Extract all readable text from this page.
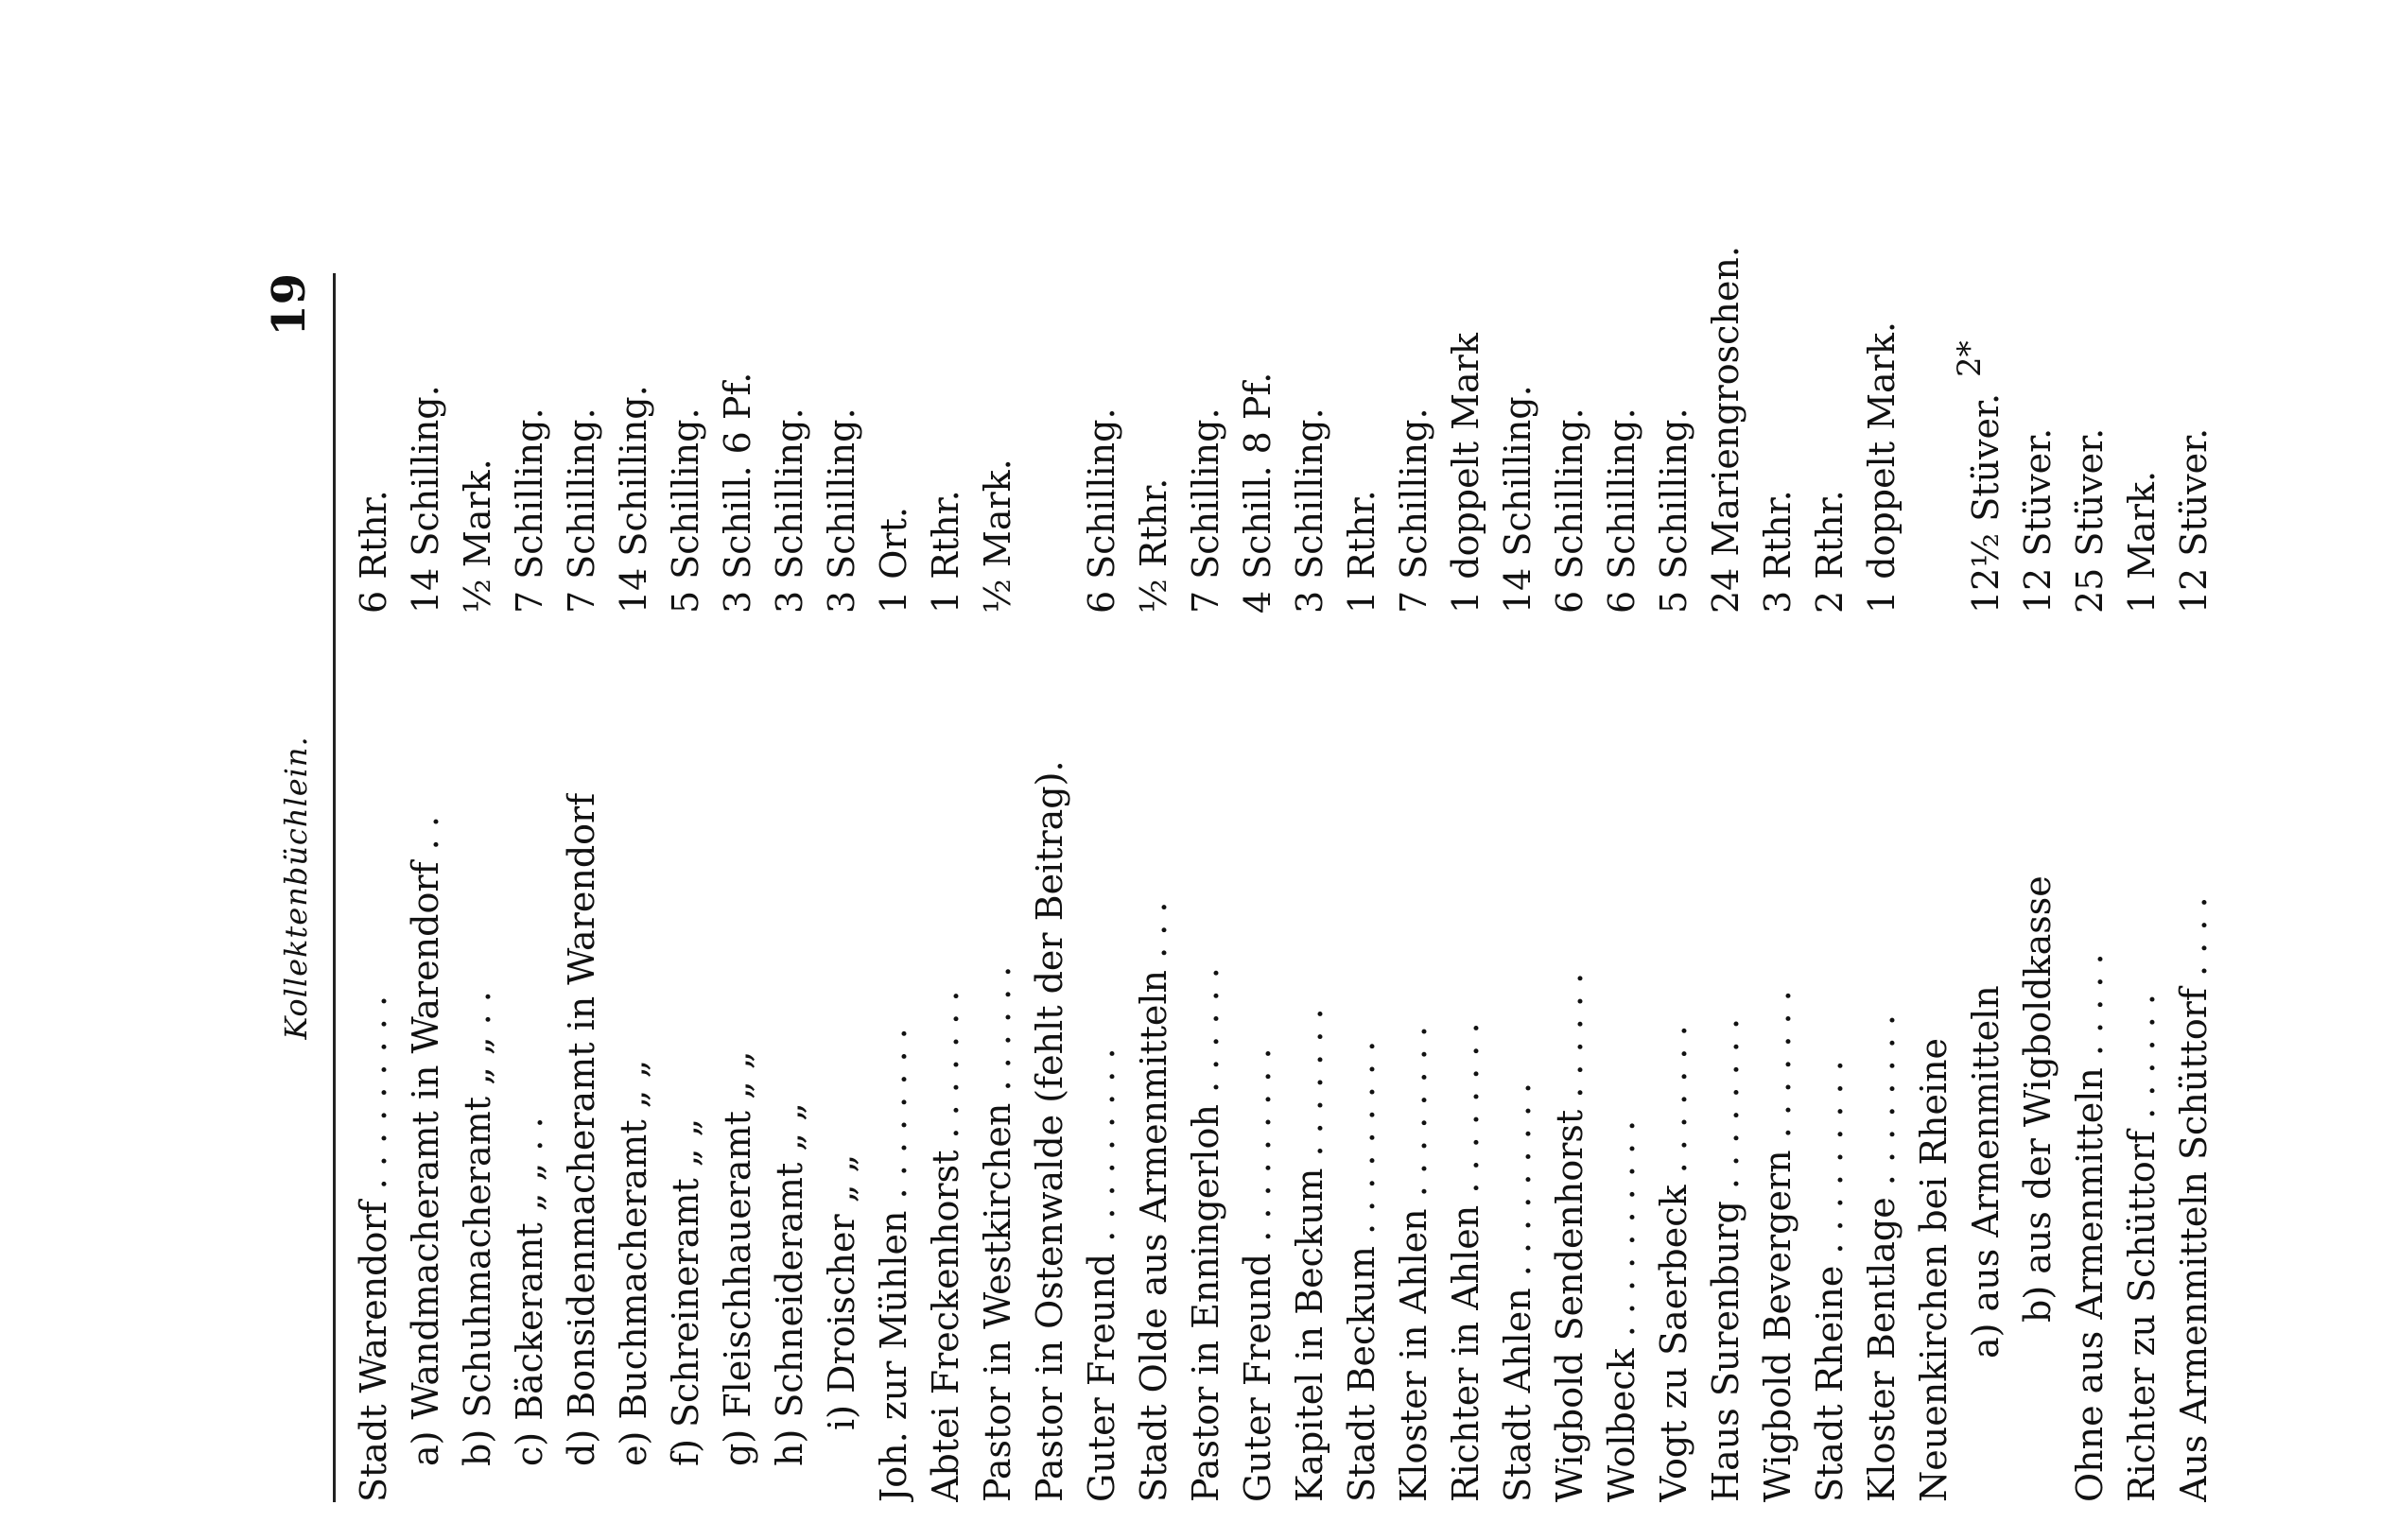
Kollektenbüchlein.
19
Stadt Warendorf . . . . . . . . .
6 Rthr.
a) Wandmacheramt in Warendorf . .
14 Schilling.
b) Schuhmacheramt „ „ . .
½ Mark.
c) Bäckeramt „ „ . .
7 Schilling.
d) Bonsidenmacheramt in Warendorf
7 Schilling.
e) Buchmacheramt „ „
14 Schilling.
f) Schreineramt „ „
5 Schilling.
g) Fleischhaueramt „ „
3 Schill. 6 Pf.
h) Schneideramt „ „
3 Schilling.
i) Droischer „ „
3 Schilling.
Joh. zur Mühlen . . . . . . . .
1 Ort.
Abtei Freckenhorst . . . . . . .
1 Rthr.
Pastor in Westkirchen . . . . . .
½ Mark.
Pastor in Ostenwalde (fehlt der Beitrag). Guter Freund . . . . . . . . .
6 Schilling.
Stadt Olde aus Armenmitteln . . .
½ Rthr.
Pastor in Enningerloh . . . . . .
7 Schilling.
Guter Freund . . . . . . . . .
4 Schill. 8 Pf.
Kapitel in Beckum . . . . . . .
3 Schilling.
Stadt Beckum . . . . . . . . .
1 Rthr.
Kloster in Ahlen . . . . . . . .
7 Schilling.
Richter in Ahlen . . . . . . . .
1 doppelt Mark
Stadt Ahlen . . . . . . . . .
14 Schilling.
Wigbold Sendenhorst . . . . . .
6 Schilling.
Wolbeck . . . . . . . . . .
6 Schilling.
Vogt zu Saerbeck . . . . . . .
5 Schilling.
Haus Surenburg . . . . . . . .
24 Mariengroschen.
Wigbold Bevergern . . . . . . .
3 Rthr.
Stadt Rheine . . . . . . . . .
2 Rthr.
Kloster Bentlage . . . . . . . .
1 doppelt Mark.
Neuenkirchen bei Rheine a) aus Armenmitteln
12½ Stüver.
b) aus der Wigboldkasse
12 Stüver.
Ohne aus Armenmitteln . . . . .
25 Stüver.
Richter zu Schüttorf . . . . . .
1 Mark.
Aus Armenmitteln Schüttorf . . . .
12 Stüver.
2*
